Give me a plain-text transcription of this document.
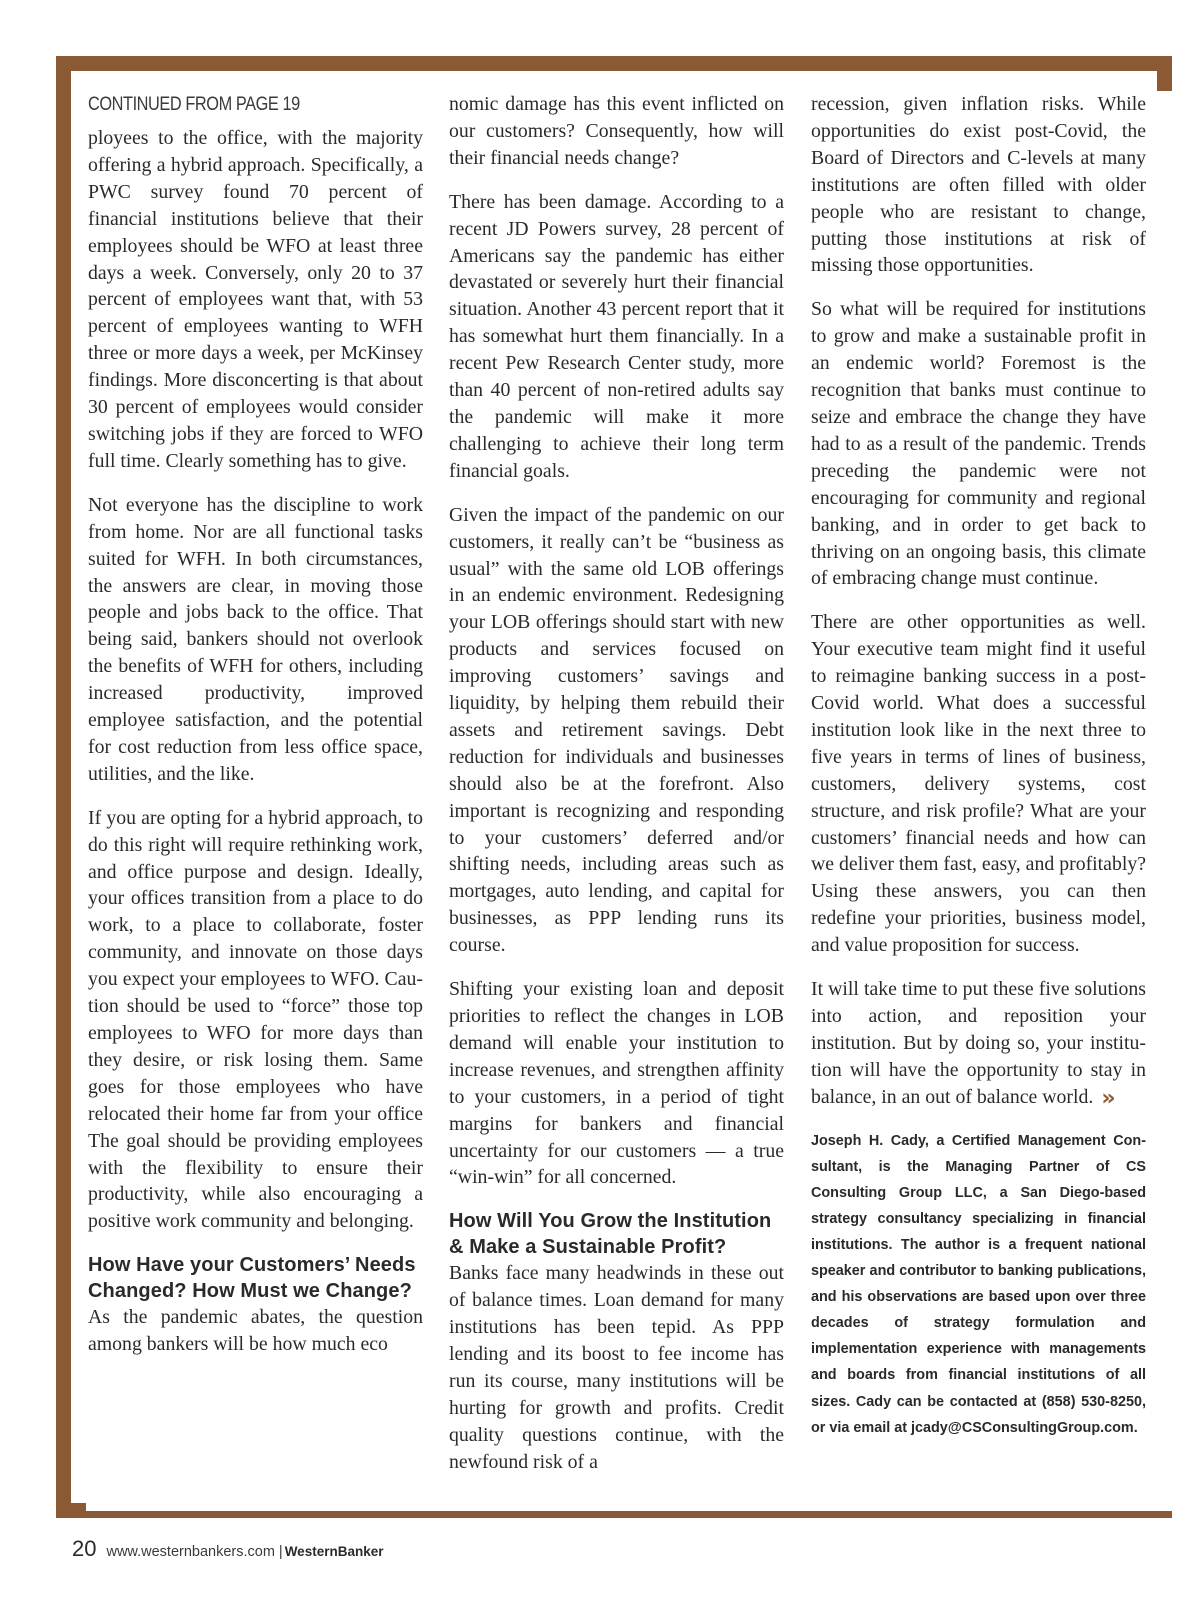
CONTINUED FROM PAGE 19

ployees to the office, with the majority offering a hybrid approach. Specifically, a PWC survey found 70 percent of financial institutions believe that their employees should be WFO at least three days a week. Conversely, only 20 to 37 percent of employees want that, with 53 percent of employees wanting to WFH three or more days a week, per McKinsey findings. More disconcerting is that about 30 percent of employees would consider switching jobs if they are forced to WFO full time. Clearly something has to give.

Not everyone has the discipline to work from home. Nor are all functional tasks suited for WFH. In both circumstances, the answers are clear, in moving those people and jobs back to the office. That being said, bankers should not overlook the benefits of WFH for others, including increased productivity, improved employee satisfaction, and the potential for cost reduction from less office space, utilities, and the like.

If you are opting for a hybrid approach, to do this right will require rethinking work, and office purpose and design. Ideally, your offices transition from a place to do work, to a place to collaborate, foster community, and innovate on those days you expect your employees to WFO. Caution should be used to “force” those top employees to WFO for more days than they desire, or risk losing them. Same goes for those employees who have relocated their home far from your office The goal should be providing employees with the flexibility to ensure their productivity, while also encouraging a positive work community and belonging.

How Have your Customers’ Needs Changed? How Must we Change?

As the pandemic abates, the question among bankers will be how much eco

nomic damage has this event inflicted on our customers? Consequently, how will their financial needs change?

There has been damage. According to a recent JD Powers survey, 28 percent of Americans say the pandemic has either devastated or severely hurt their financial situation. Another 43 percent report that it has somewhat hurt them financially. In a recent Pew Research Center study, more than 40 percent of non-retired adults say the pandemic will make it more challenging to achieve their long term financial goals.

Given the impact of the pandemic on our customers, it really can’t be “business as usual” with the same old LOB offerings in an endemic environment. Redesigning your LOB offerings should start with new products and services focused on improving customers’ savings and liquidity, by helping them rebuild their assets and retirement savings. Debt reduction for individuals and businesses should also be at the forefront. Also important is recognizing and responding to your customers’ deferred and/or shifting needs, including areas such as mortgages, auto lending, and capital for businesses, as PPP lending runs its course.

Shifting your existing loan and deposit priorities to reflect the changes in LOB demand will enable your institution to increase revenues, and strengthen affinity to your customers, in a period of tight margins for bankers and financial uncertainty for our customers — a true “win-win” for all concerned.

How Will You Grow the Institution & Make a Sustainable Profit?

Banks face many headwinds in these out of balance times. Loan demand for many institutions has been tepid. As PPP lending and its boost to fee income has run its course, many institutions will be hurting for growth and profits. Credit quality questions continue, with the newfound risk of a

recession, given inflation risks. While opportunities do exist post-Covid, the Board of Directors and C-levels at many institutions are often filled with older people who are resistant to change, putting those institutions at risk of missing those opportunities.

So what will be required for institutions to grow and make a sustainable profit in an endemic world? Foremost is the recognition that banks must continue to seize and embrace the change they have had to as a result of the pandemic. Trends preceding the pandemic were not encouraging for community and regional banking, and in order to get back to thriving on an ongoing basis, this climate of embracing change must continue.

There are other opportunities as well. Your executive team might find it useful to reimagine banking success in a post-Covid world. What does a successful institution look like in the next three to five years in terms of lines of business, customers, delivery systems, cost structure, and risk profile? What are your customers’ financial needs and how can we deliver them fast, easy, and profitably? Using these answers, you can then redefine your priorities, business model, and value proposition for success.

It will take time to put these five solutions into action, and reposition your institution. But by doing so, your institution will have the opportunity to stay in balance, in an out of balance world. »

Joseph H. Cady, a Certified Management Consultant, is the Managing Partner of CS Consulting Group LLC, a San Diego-based strategy consultancy specializing in financial institutions. The author is a frequent national speaker and contributor to banking publications, and his observations are based upon over three decades of strategy formulation and implementation experience with managements and boards from financial institutions of all sizes. Cady can be contacted at (858) 530-8250, or via email at jcady@CSConsultingGroup.com.
20 www.westernbankers.com | WesternBanker
